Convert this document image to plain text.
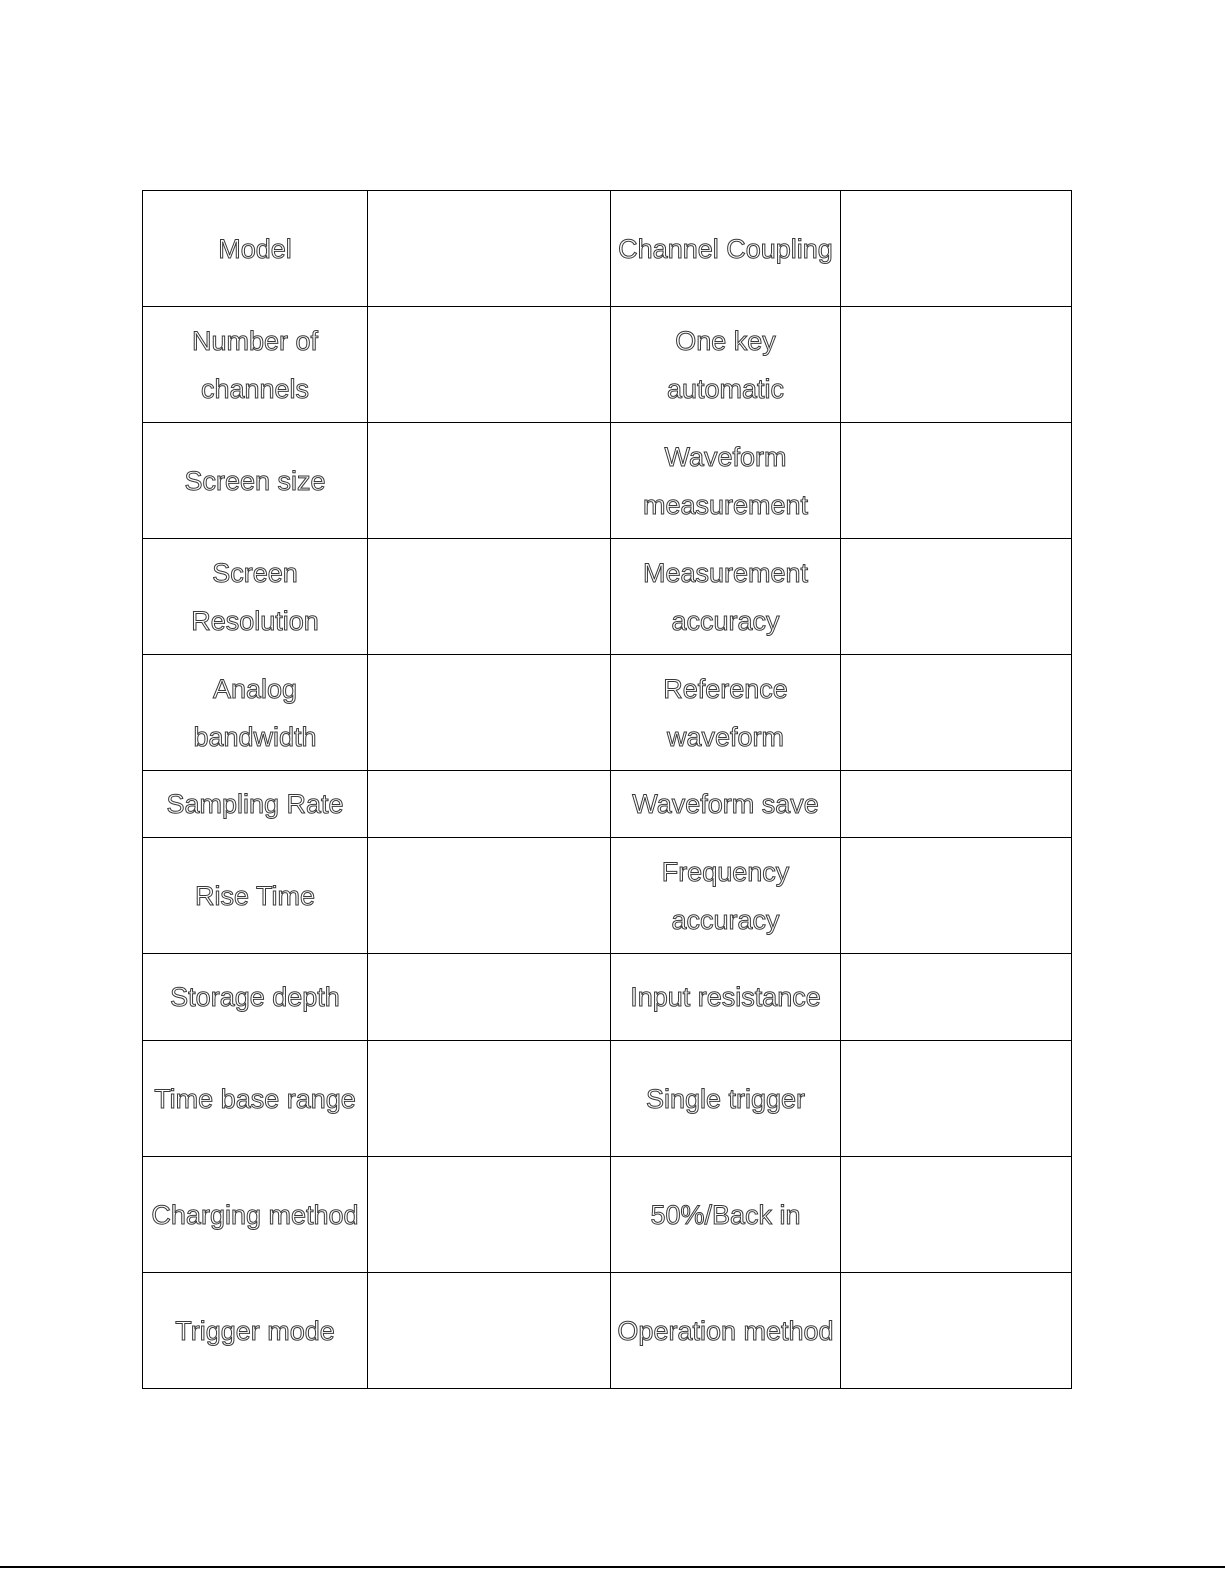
Model		Channel Coupling	
Number of channels		One key automatic	
Screen size		Waveform measurement	
Screen Resolution		Measurement accuracy	
Analog bandwidth		Reference waveform	
Sampling Rate		Waveform save	
Rise Time		Frequency accuracy	
Storage depth		Input resistance	
Time base range		Single trigger	
Charging method		50%/Back in	
Trigger mode		Operation method	
